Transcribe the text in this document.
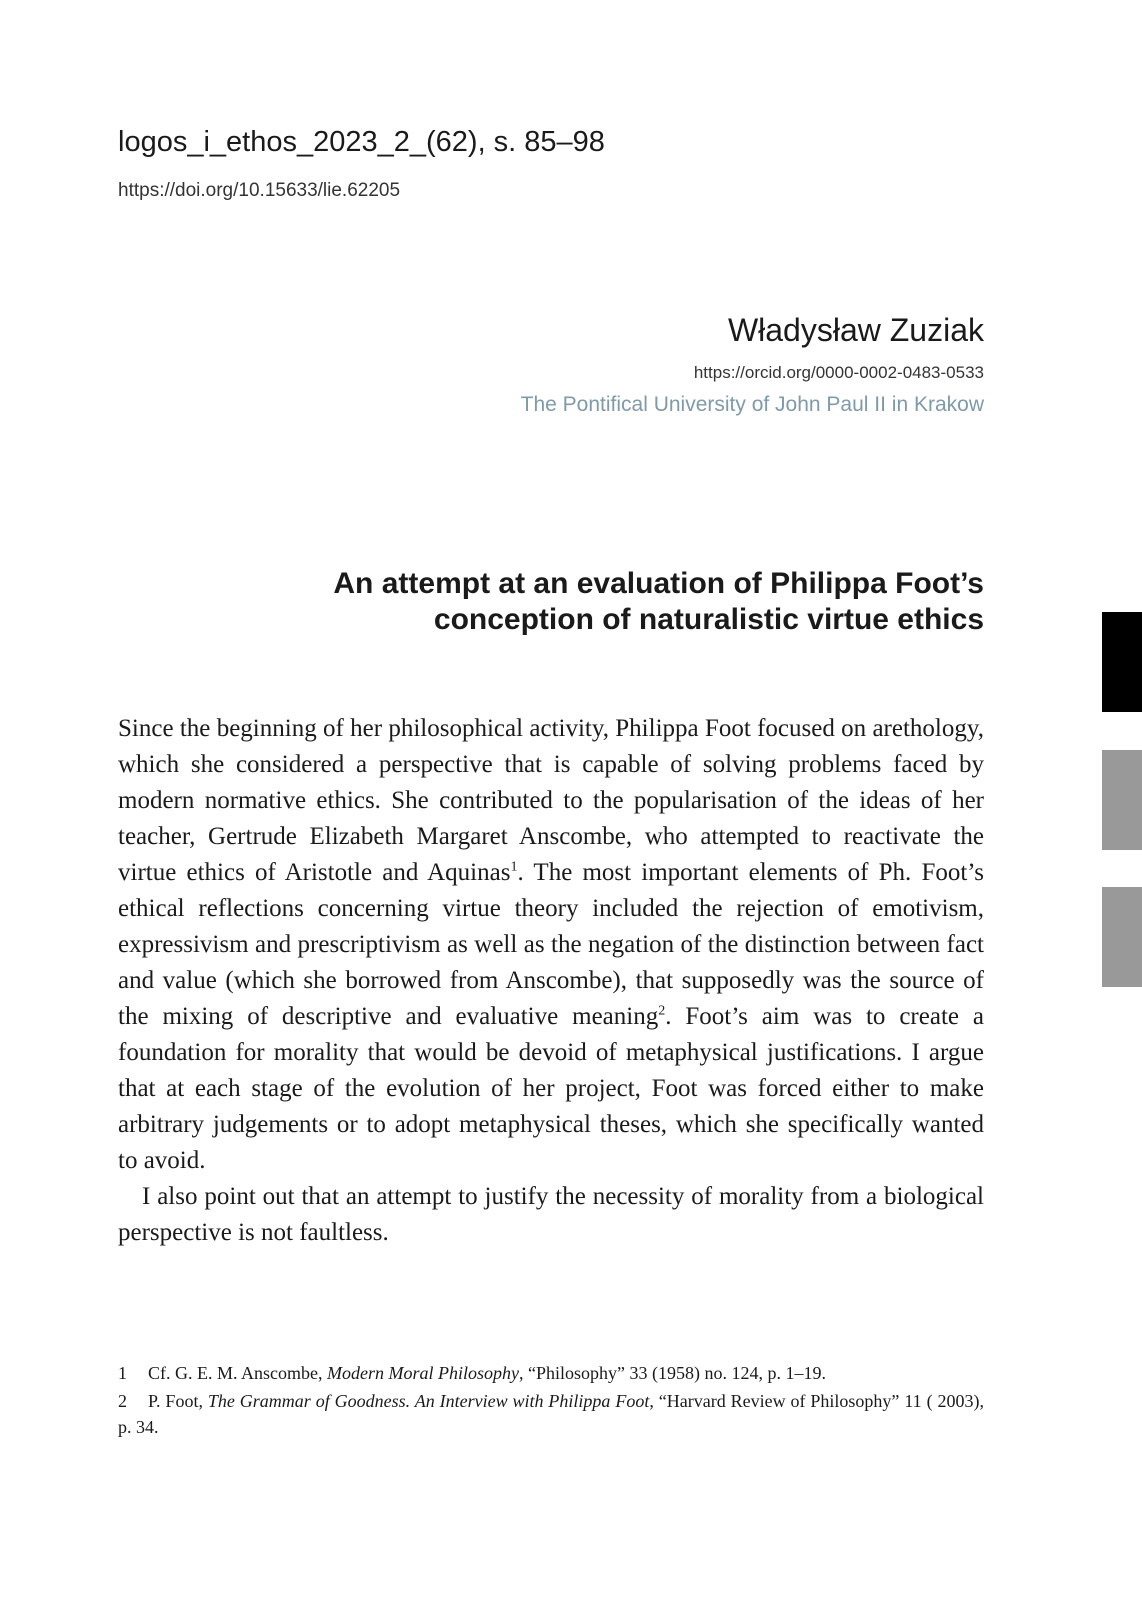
logos_i_ethos_2023_2_(62), s. 85–98
https://doi.org/10.15633/lie.62205
Władysław Zuziak
https://orcid.org/0000-0002-0483-0533
The Pontifical University of John Paul II in Krakow
An attempt at an evaluation of Philippa Foot’s
conception of naturalistic virtue ethics

Since the beginning of her philosophical activity, Philippa Foot focused on arethology, which she considered a perspective that is capable of solving problems faced by modern normative ethics. She contributed to the popularisation of the ideas of her teacher, Gertrude Elizabeth Margaret Anscombe, who attempted to reactivate the virtue ethics of Aristotle and Aquinas$^1$. The most important elements of Ph. Foot’s ethical reflections concerning virtue theory included the rejection of emotivism, expressivism and prescriptivism as well as the negation of the distinction between fact and value (which she borrowed from Anscombe), that supposedly was the source of the mixing of descriptive and evaluative meaning$^2$. Foot’s aim was to create a foundation for morality that would be devoid of metaphysical justifications. I argue that at each stage of the evolution of her project, Foot was forced either to make arbitrary judgements or to adopt metaphysical theses, which she specifically wanted to avoid.

I also point out that an attempt to justify the necessity of morality from a biological perspective is not faultless.

1 Cf. G. E. M. Anscombe, Modern Moral Philosophy, “Philosophy” 33 (1958) no. 124, p. 1–19.

2 P. Foot, The Grammar of Goodness. An Interview with Philippa Foot, “Harvard Review of Philosophy” 11 ( 2003), p. 34.
